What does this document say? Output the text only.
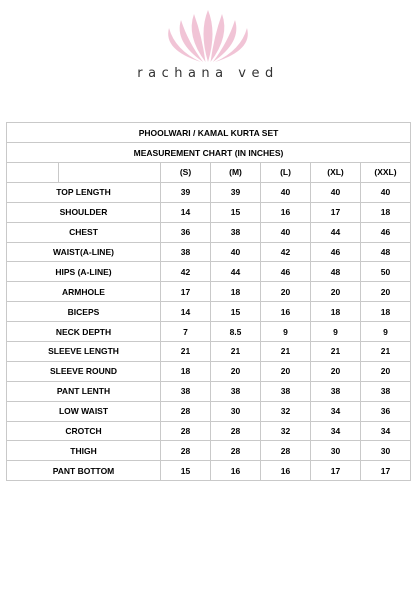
rachana ved
PHOOLWARI / KAMAL KURTA SET						
MEASUREMENT CHART (IN INCHES)						
		(S)	(M)	(L)	(XL)	(XXL)
TOP LENGTH		39	39	40	40	40
SHOULDER		14	15	16	17	18
CHEST		36	38	40	44	46
WAIST(A-LINE)		38	40	42	46	48
HIPS (A-LINE)		42	44	46	48	50
ARMHOLE		17	18	20	20	20
BICEPS		14	15	16	18	18
NECK DEPTH		7	8.5	9	9	9
SLEEVE LENGTH		21	21	21	21	21
SLEEVE ROUND		18	20	20	20	20
PANT LENTH		38	38	38	38	38
LOW WAIST		28	30	32	34	36
CROTCH		28	28	32	34	34
THIGH		28	28	28	30	30
PANT BOTTOM		15	16	16	17	17
